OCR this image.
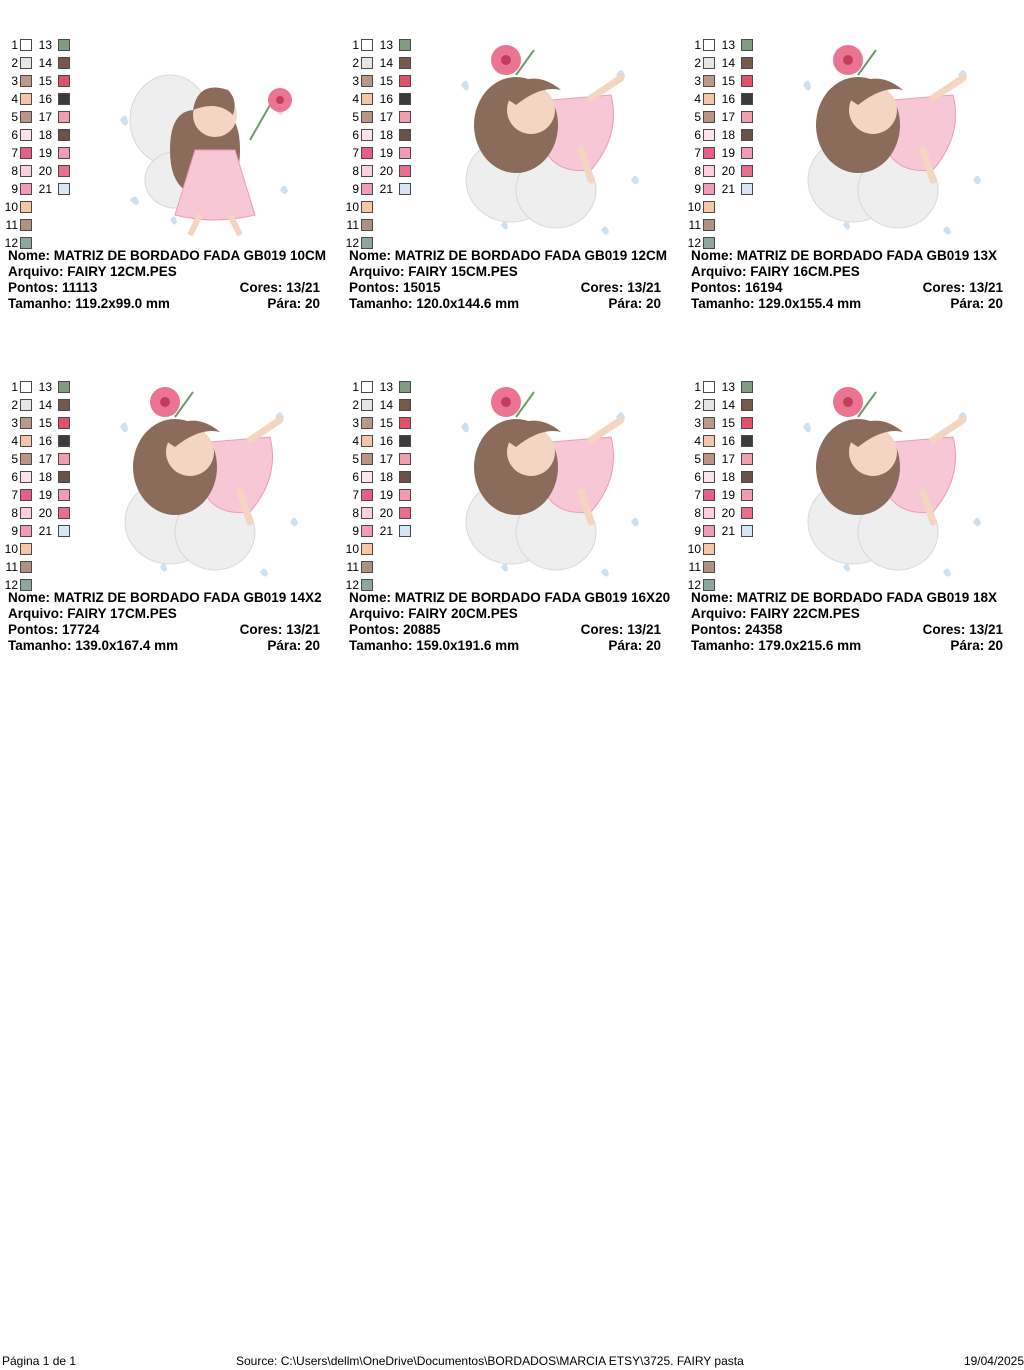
1
2
3
4
5
6
7
8
9
10
11
12
13
14
15
16
17
18
19
20
21
Nome: MATRIZ DE BORDADO FADA GB019 10CM
Arquivo: FAIRY 12CM.PES
Pontos: 11113	Cores: 13/21
Tamanho: 119.2x99.0 mm	Pára: 20
1
2
3
4
5
6
7
8
9
10
11
12
13
14
15
16
17
18
19
20
21
Nome: MATRIZ DE BORDADO FADA GB019 12CM
Arquivo: FAIRY 15CM.PES
Pontos: 15015	Cores: 13/21
Tamanho: 120.0x144.6 mm	Pára: 20
1
2
3
4
5
6
7
8
9
10
11
12
13
14
15
16
17
18
19
20
21
Nome: MATRIZ DE BORDADO FADA GB019 13X
Arquivo: FAIRY 16CM.PES
Pontos: 16194	Cores: 13/21
Tamanho: 129.0x155.4 mm	Pára: 20
1
2
3
4
5
6
7
8
9
10
11
12
13
14
15
16
17
18
19
20
21
Nome: MATRIZ DE BORDADO FADA GB019 14X2
Arquivo: FAIRY 17CM.PES
Pontos: 17724	Cores: 13/21
Tamanho: 139.0x167.4 mm	Pára: 20
1
2
3
4
5
6
7
8
9
10
11
12
13
14
15
16
17
18
19
20
21
Nome: MATRIZ DE BORDADO FADA GB019 16X20
Arquivo: FAIRY 20CM.PES
Pontos: 20885	Cores: 13/21
Tamanho: 159.0x191.6 mm	Pára: 20
1
2
3
4
5
6
7
8
9
10
11
12
13
14
15
16
17
18
19
20
21
Nome: MATRIZ DE BORDADO FADA GB019 18X
Arquivo: FAIRY 22CM.PES
Pontos: 24358	Cores: 13/21
Tamanho: 179.0x215.6 mm	Pára: 20
Página 1 de 1	Source: C:\Users\dellm\OneDrive\Documentos\BORDADOS\MARCIA ETSY\3725. FAIRY pasta	19/04/2025
